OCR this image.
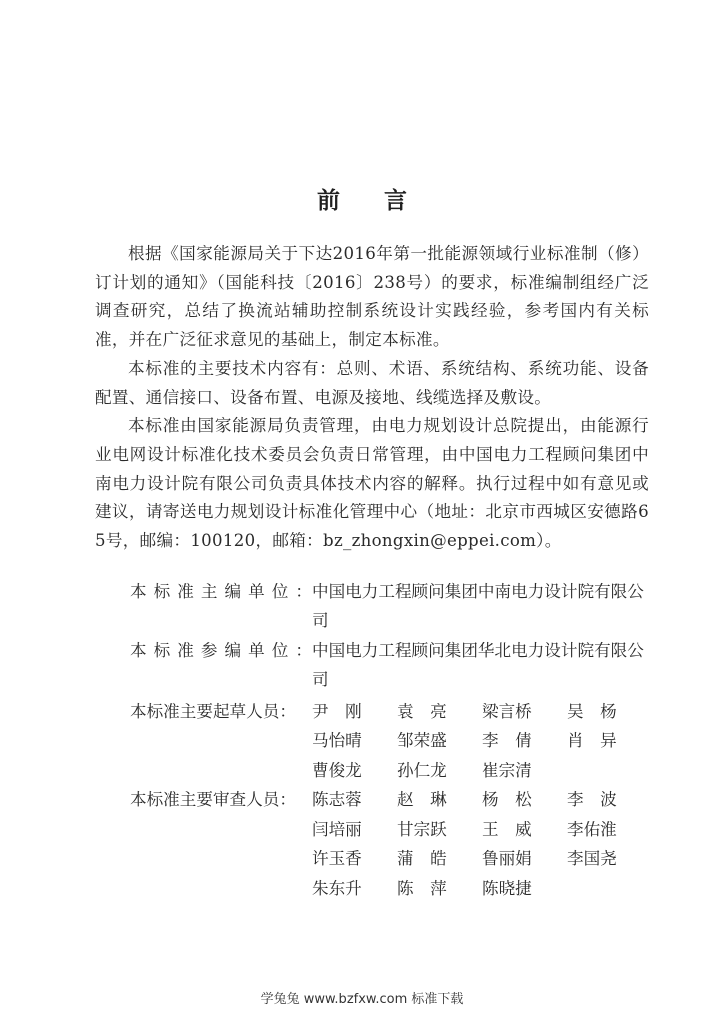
前 言

根据《国家能源局关于下达2016年第一批能源领域行业标准制（修）订计划的通知》（国能科技〔2016〕238号）的要求，标准编制组经广泛调查研究，总结了换流站辅助控制系统设计实践经验，参考国内有关标准，并在广泛征求意见的基础上，制定本标准。

本标准的主要技术内容有：总则、术语、系统结构、系统功能、设备配置、通信接口、设备布置、电源及接地、线缆选择及敷设。

本标准由国家能源局负责管理，由电力规划设计总院提出，由能源行业电网设计标准化技术委员会负责日常管理，由中国电力工程顾问集团中南电力设计院有限公司负责具体技术内容的解释。执行过程中如有意见或建议，请寄送电力规划设计标准化管理中心（地址：北京市西城区安德路65号，邮编：100120，邮箱：bz_zhongxin@eppei.com）。

本标准主编单位： 中国电力工程顾问集团中南电力设计院有限公司
本标准参编单位： 中国电力工程顾问集团华北电力设计院有限公司
本标准主要起草人员： 尹　刚	袁　亮	梁言桥	吴　杨
马怡晴	邹荣盛	李　倩	肖　异
曹俊龙	孙仁龙	崔宗清
本标准主要审查人员： 陈志蓉	赵　琳	杨　松	李　波
闫培丽	甘宗跃	王　威	李佑淮
许玉香	蒲　皓	鲁丽娟	李国尧
朱东升	陈　萍	陈晓捷
学兔兔 www.bzfxw.com 标准下载
